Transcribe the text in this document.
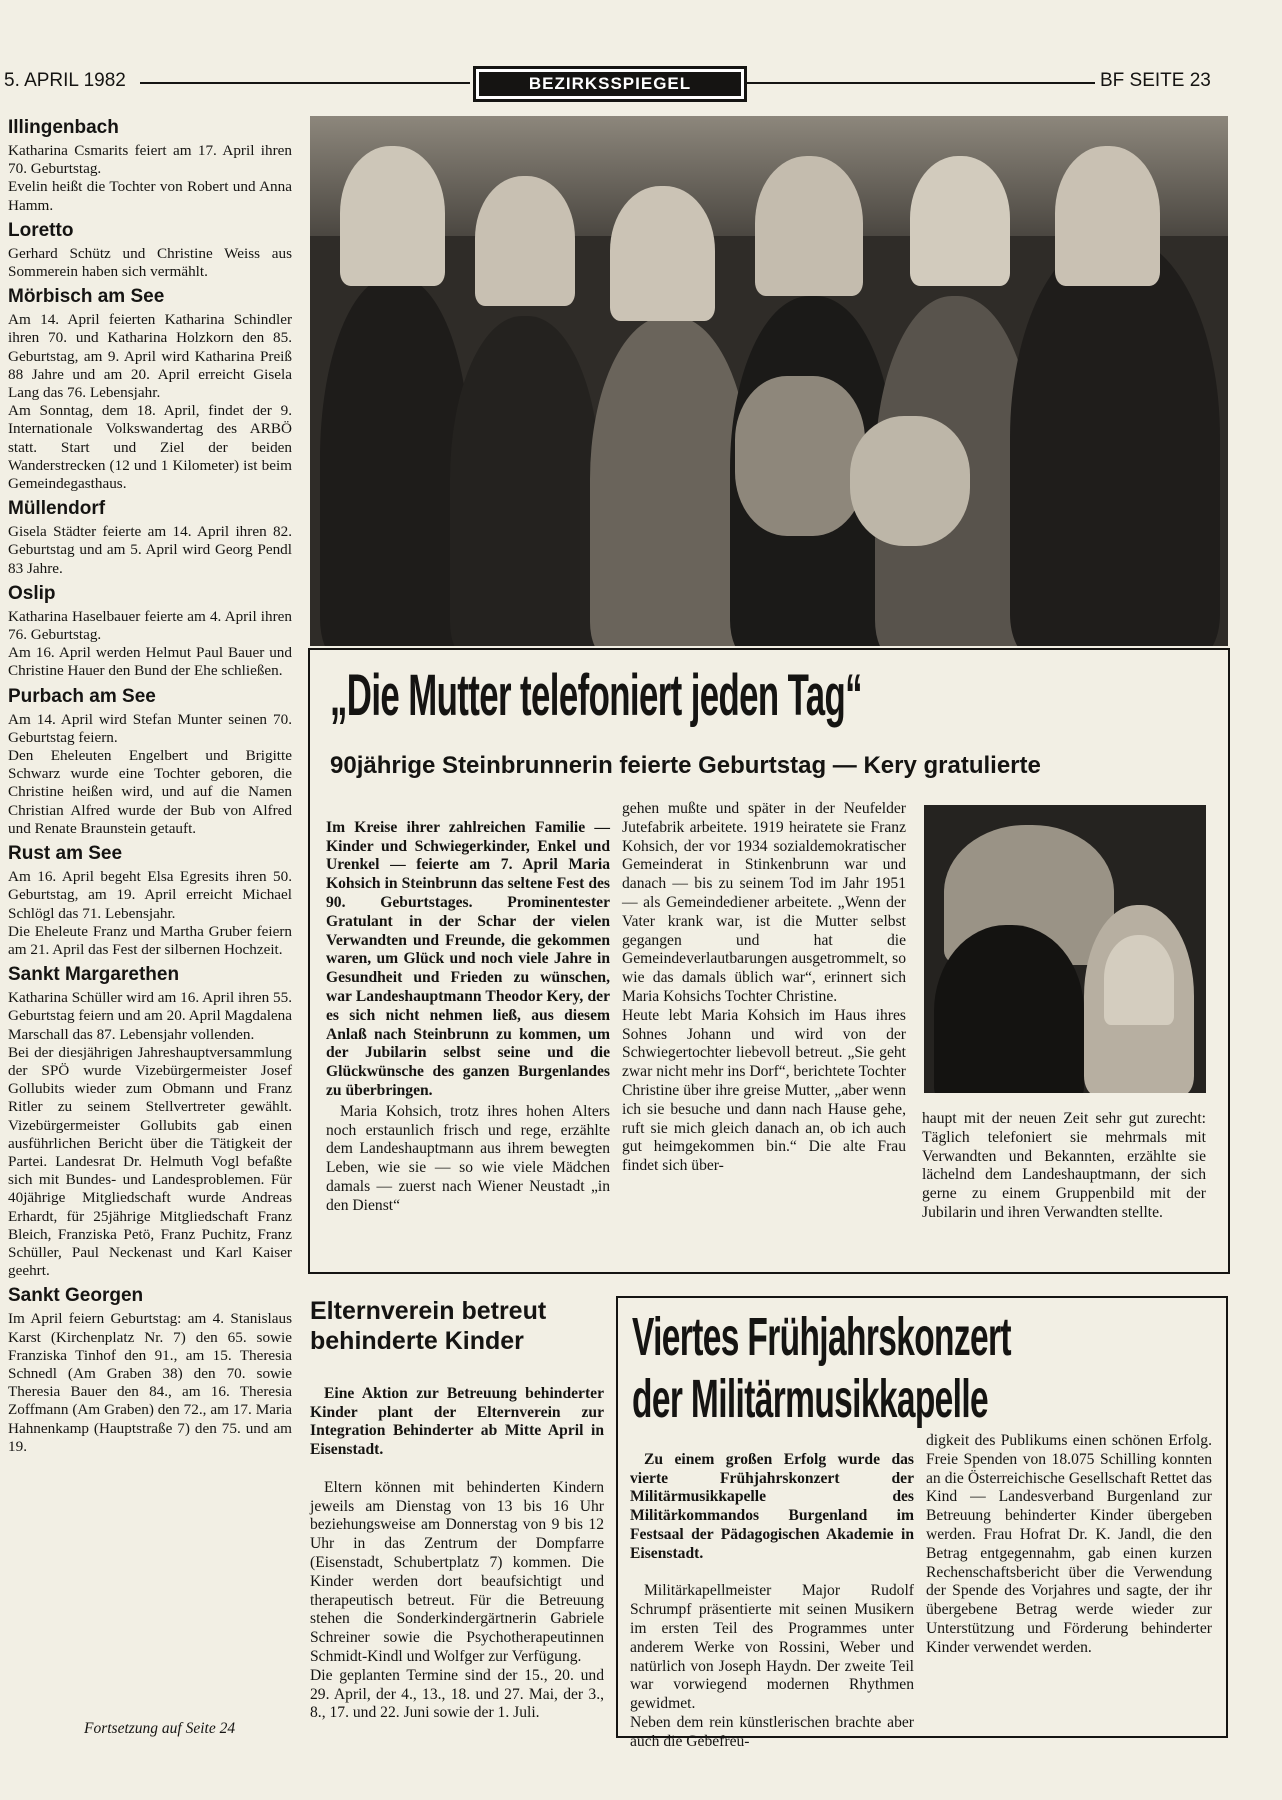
5. APRIL 1982	BEZIRKSSPIEGEL	BF SEITE 23
Illingenbach

Katharina Csmarits feiert am 17. April ihren 70. Geburtstag.
Evelin heißt die Tochter von Robert und Anna Hamm.

Loretto

Gerhard Schütz und Christine Weiss aus Sommerein haben sich vermählt.

Mörbisch am See

Am 14. April feierten Katharina Schindler ihren 70. und Katharina Holzkorn den 85. Geburtstag, am 9. April wird Katharina Preiß 88 Jahre und am 20. April erreicht Gisela Lang das 76. Lebensjahr.
Am Sonntag, dem 18. April, findet der 9. Internationale Volkswandertag des ARBÖ statt. Start und Ziel der beiden Wanderstrecken (12 und 1 Kilometer) ist beim Gemeindegasthaus.

Müllendorf

Gisela Städter feierte am 14. April ihren 82. Geburtstag und am 5. April wird Georg Pendl 83 Jahre.

Oslip

Katharina Haselbauer feierte am 4. April ihren 76. Geburtstag.
Am 16. April werden Helmut Paul Bauer und Christine Hauer den Bund der Ehe schließen.

Purbach am See

Am 14. April wird Stefan Munter seinen 70. Geburtstag feiern.
Den Eheleuten Engelbert und Brigitte Schwarz wurde eine Tochter geboren, die Christine heißen wird, und auf die Namen Christian Alfred wurde der Bub von Alfred und Renate Braunstein getauft.

Rust am See

Am 16. April begeht Elsa Egresits ihren 50. Geburtstag, am 19. April erreicht Michael Schlögl das 71. Lebensjahr.
Die Eheleute Franz und Martha Gruber feiern am 21. April das Fest der silbernen Hochzeit.

Sankt Margarethen

Katharina Schüller wird am 16. April ihren 55. Geburtstag feiern und am 20. April Magdalena Marschall das 87. Lebensjahr vollenden.
Bei der diesjährigen Jahreshauptversammlung der SPÖ wurde Vizebürgermeister Josef Gollubits wieder zum Obmann und Franz Ritler zu seinem Stellvertreter gewählt. Vizebürgermeister Gollubits gab einen ausführlichen Bericht über die Tätigkeit der Partei. Landesrat Dr. Helmuth Vogl befaßte sich mit Bundes- und Landesproblemen. Für 40jährige Mitgliedschaft wurde Andreas Erhardt, für 25jährige Mitgliedschaft Franz Bleich, Franziska Petö, Franz Puchitz, Franz Schüller, Paul Neckenast und Karl Kaiser geehrt.

Sankt Georgen

Im April feiern Geburtstag: am 4. Stanislaus Karst (Kirchenplatz Nr. 7) den 65. sowie Franziska Tinhof den 91., am 15. Theresia Schnedl (Am Graben 38) den 70. sowie Theresia Bauer den 84., am 16. Theresia Zoffmann (Am Graben) den 72., am 17. Maria Hahnenkamp (Hauptstraße 7) den 75. und am 19.

Fortsetzung auf Seite 24
„Die Mutter telefoniert jeden Tag“
90jährige Steinbrunnerin feierte Geburtstag — Kery gratulierte

Im Kreise ihrer zahlreichen Familie — Kinder und Schwiegerkinder, Enkel und Urenkel — feierte am 7. April Maria Kohsich in Steinbrunn das seltene Fest des 90. Geburtstages. Prominentester Gratulant in der Schar der vielen Verwandten und Freunde, die gekommen waren, um Glück und noch viele Jahre in Gesundheit und Frieden zu wünschen, war Landeshauptmann Theodor Kery, der es sich nicht nehmen ließ, aus diesem Anlaß nach Steinbrunn zu kommen, um der Jubilarin selbst seine und die Glückwünsche des ganzen Burgenlandes zu überbringen.

Maria Kohsich, trotz ihres hohen Alters noch erstaunlich frisch und rege, erzählte dem Landeshauptmann aus ihrem bewegten Leben, wie sie — so wie viele Mädchen damals — zuerst nach Wiener Neustadt „in den Dienst“

gehen mußte und später in der Neufelder Jutefabrik arbeitete. 1919 heiratete sie Franz Kohsich, der vor 1934 sozialdemokratischer Gemeinderat in Stinkenbrunn war und danach — bis zu seinem Tod im Jahr 1951 — als Gemeindediener arbeitete. „Wenn der Vater krank war, ist die Mutter selbst gegangen und hat die Gemeindeverlautbarungen ausgetrommelt, so wie das damals üblich war“, erinnert sich Maria Kohsichs Tochter Christine.
Heute lebt Maria Kohsich im Haus ihres Sohnes Johann und wird von der Schwiegertochter liebevoll betreut. „Sie geht zwar nicht mehr ins Dorf“, berichtete Tochter Christine über ihre greise Mutter, „aber wenn ich sie besuche und dann nach Hause gehe, ruft sie mich gleich danach an, ob ich auch gut heimgekommen bin.“ Die alte Frau findet sich über-
haupt mit der neuen Zeit sehr gut zurecht: Täglich telefoniert sie mehrmals mit Verwandten und Bekannten, erzählte sie lächelnd dem Landeshauptmann, der sich gerne zu einem Gruppenbild mit der Jubilarin und ihren Verwandten stellte.
Elternverein betreut behinderte Kinder

Eine Aktion zur Betreuung behinderter Kinder plant der Elternverein zur Integration Behinderter ab Mitte April in Eisenstadt.

Eltern können mit behinderten Kindern jeweils am Dienstag von 13 bis 16 Uhr beziehungsweise am Donnerstag von 9 bis 12 Uhr in das Zentrum der Dompfarre (Eisenstadt, Schubertplatz 7) kommen. Die Kinder werden dort beaufsichtigt und therapeutisch betreut. Für die Betreuung stehen die Sonderkindergärtnerin Gabriele Schreiner sowie die Psychotherapeutinnen Schmidt-Kindl und Wolfger zur Verfügung.
Die geplanten Termine sind der 15., 20. und 29. April, der 4., 13., 18. und 27. Mai, der 3., 8., 17. und 22. Juni sowie der 1. Juli.

Viertes Frühjahrskonzert
der Militärmusikkapelle

Zu einem großen Erfolg wurde das vierte Frühjahrskonzert der Militärmusikkapelle des Militärkommandos Burgenland im Festsaal der Pädagogischen Akademie in Eisenstadt.

Militärkapellmeister Major Rudolf Schrumpf präsentierte mit seinen Musikern im ersten Teil des Programmes unter anderem Werke von Rossini, Weber und natürlich von Joseph Haydn. Der zweite Teil war vorwiegend modernen Rhythmen gewidmet.
Neben dem rein künstlerischen brachte aber auch die Gebefreu-

digkeit des Publikums einen schönen Erfolg. Freie Spenden von 18.075 Schilling konnten an die Österreichische Gesellschaft Rettet das Kind — Landesverband Burgenland zur Betreuung behinderter Kinder übergeben werden. Frau Hofrat Dr. K. Jandl, die den Betrag entgegennahm, gab einen kurzen Rechenschaftsbericht über die Verwendung der Spende des Vorjahres und sagte, der ihr übergebene Betrag werde wieder zur Unterstützung und Förderung behinderter Kinder verwendet werden.
